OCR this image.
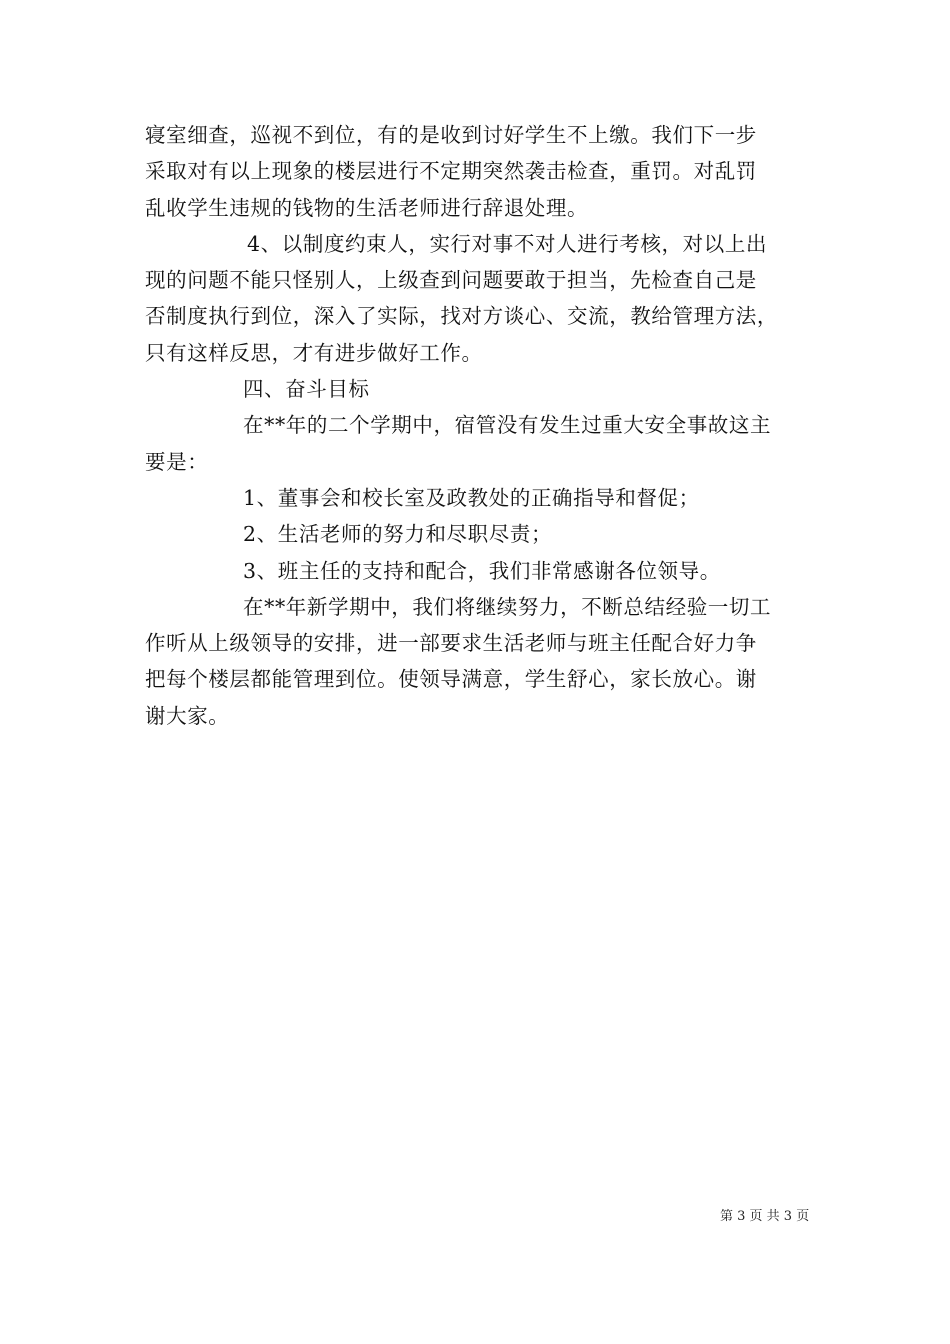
寝室细查，巡视不到位，有的是收到讨好学生不上缴。我们下一步
采取对有以上现象的楼层进行不定期突然袭击检查，重罚。对乱罚
乱收学生违规的钱物的生活老师进行辞退处理。
4、以制度约束人，实行对事不对人进行考核，对以上出
现的问题不能只怪别人，上级查到问题要敢于担当，先检查自己是
否制度执行到位，深入了实际，找对方谈心、交流，教给管理方法，
只有这样反思，才有进步做好工作。
四、奋斗目标
在**年的二个学期中，宿管没有发生过重大安全事故这主
要是：
1、董事会和校长室及政教处的正确指导和督促；
2、生活老师的努力和尽职尽责；
3、班主任的支持和配合，我们非常感谢各位领导。
在**年新学期中，我们将继续努力，不断总结经验一切工
作听从上级领导的安排，进一部要求生活老师与班主任配合好力争
把每个楼层都能管理到位。使领导满意，学生舒心，家长放心。谢
谢大家。
第 3 页 共 3 页
